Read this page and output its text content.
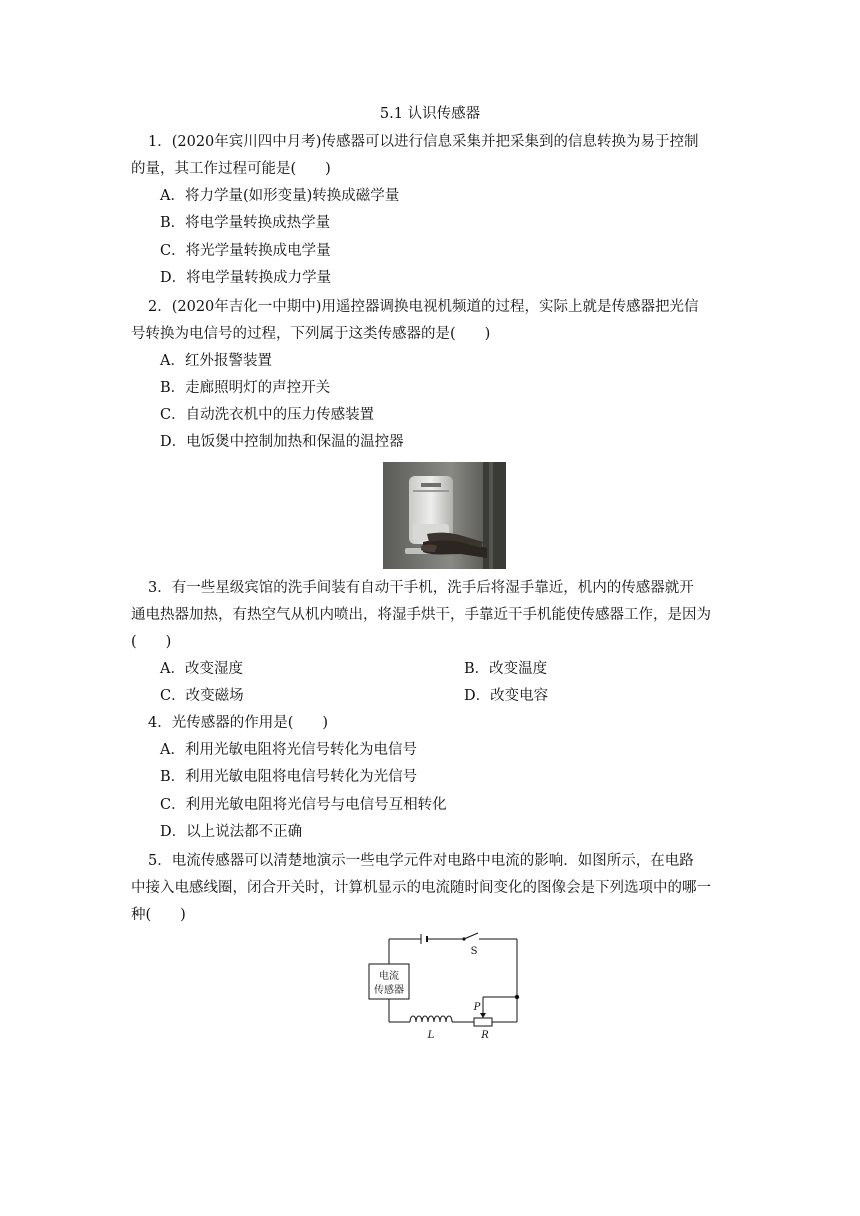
5.1 认识传感器
1．(2020年宾川四中月考)传感器可以进行信息采集并把采集到的信息转换为易于控制
的量，其工作过程可能是(　　)
A．将力学量(如形变量)转换成磁学量
B．将电学量转换成热学量
C．将光学量转换成电学量
D．将电学量转换成力学量
2．(2020年吉化一中期中)用遥控器调换电视机频道的过程，实际上就是传感器把光信
号转换为电信号的过程，下列属于这类传感器的是(　　)
A．红外报警装置
B．走廊照明灯的声控开关
C．自动洗衣机中的压力传感装置
D．电饭煲中控制加热和保温的温控器
3．有一些星级宾馆的洗手间装有自动干手机，洗手后将湿手靠近，机内的传感器就开
通电热器加热，有热空气从机内喷出，将湿手烘干，手靠近干手机能使传感器工作，是因为
(　　)
A．改变湿度	B．改变温度
C．改变磁场	D．改变电容
4．光传感器的作用是(　　)
A．利用光敏电阻将光信号转化为电信号
B．利用光敏电阻将电信号转化为光信号
C．利用光敏电阻将光信号与电信号互相转化
D．以上说法都不正确
5．电流传感器可以清楚地演示一些电学元件对电路中电流的影响．如图所示，在电路
中接入电感线圈，闭合开关时，计算机显示的电流随时间变化的图像会是下列选项中的哪一
种(　　)
电流
传感器
S
L	R
P
